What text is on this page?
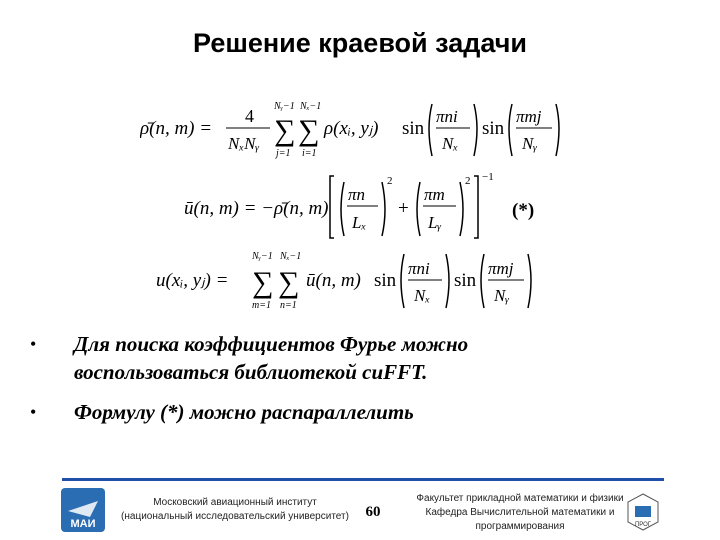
Решение краевой задачи
ρ̄(n, m) =
4
NₓNᵧ
Nᵧ−1
∑
j=1
Nₓ−1
∑
i=1
ρ(xᵢ, yⱼ) sin
πni
Nₓ
sin
πmj
Nᵧ
ū(n, m) = −ρ̄(n, m)
πn
Lₓ
2
+
πm
Lᵧ
2 −1
(*)
u(xᵢ, yⱼ) =
Nᵧ−1
∑
m=1
Nₓ−1
∑
n=1
ū(n, m) sin
πni
Nₓ
sin
πmj
Nᵧ
• Для поиска коэффициентов Фурье можно воспользоваться библиотекой cuFFT.
• Формулу (*) можно распараллелить
МАИ
Московский авиационный институт
(национальный исследовательский университет)	60
Факультет прикладной математики и физики
Кафедра Вычислительной математики и
программирования	ПРОГ
